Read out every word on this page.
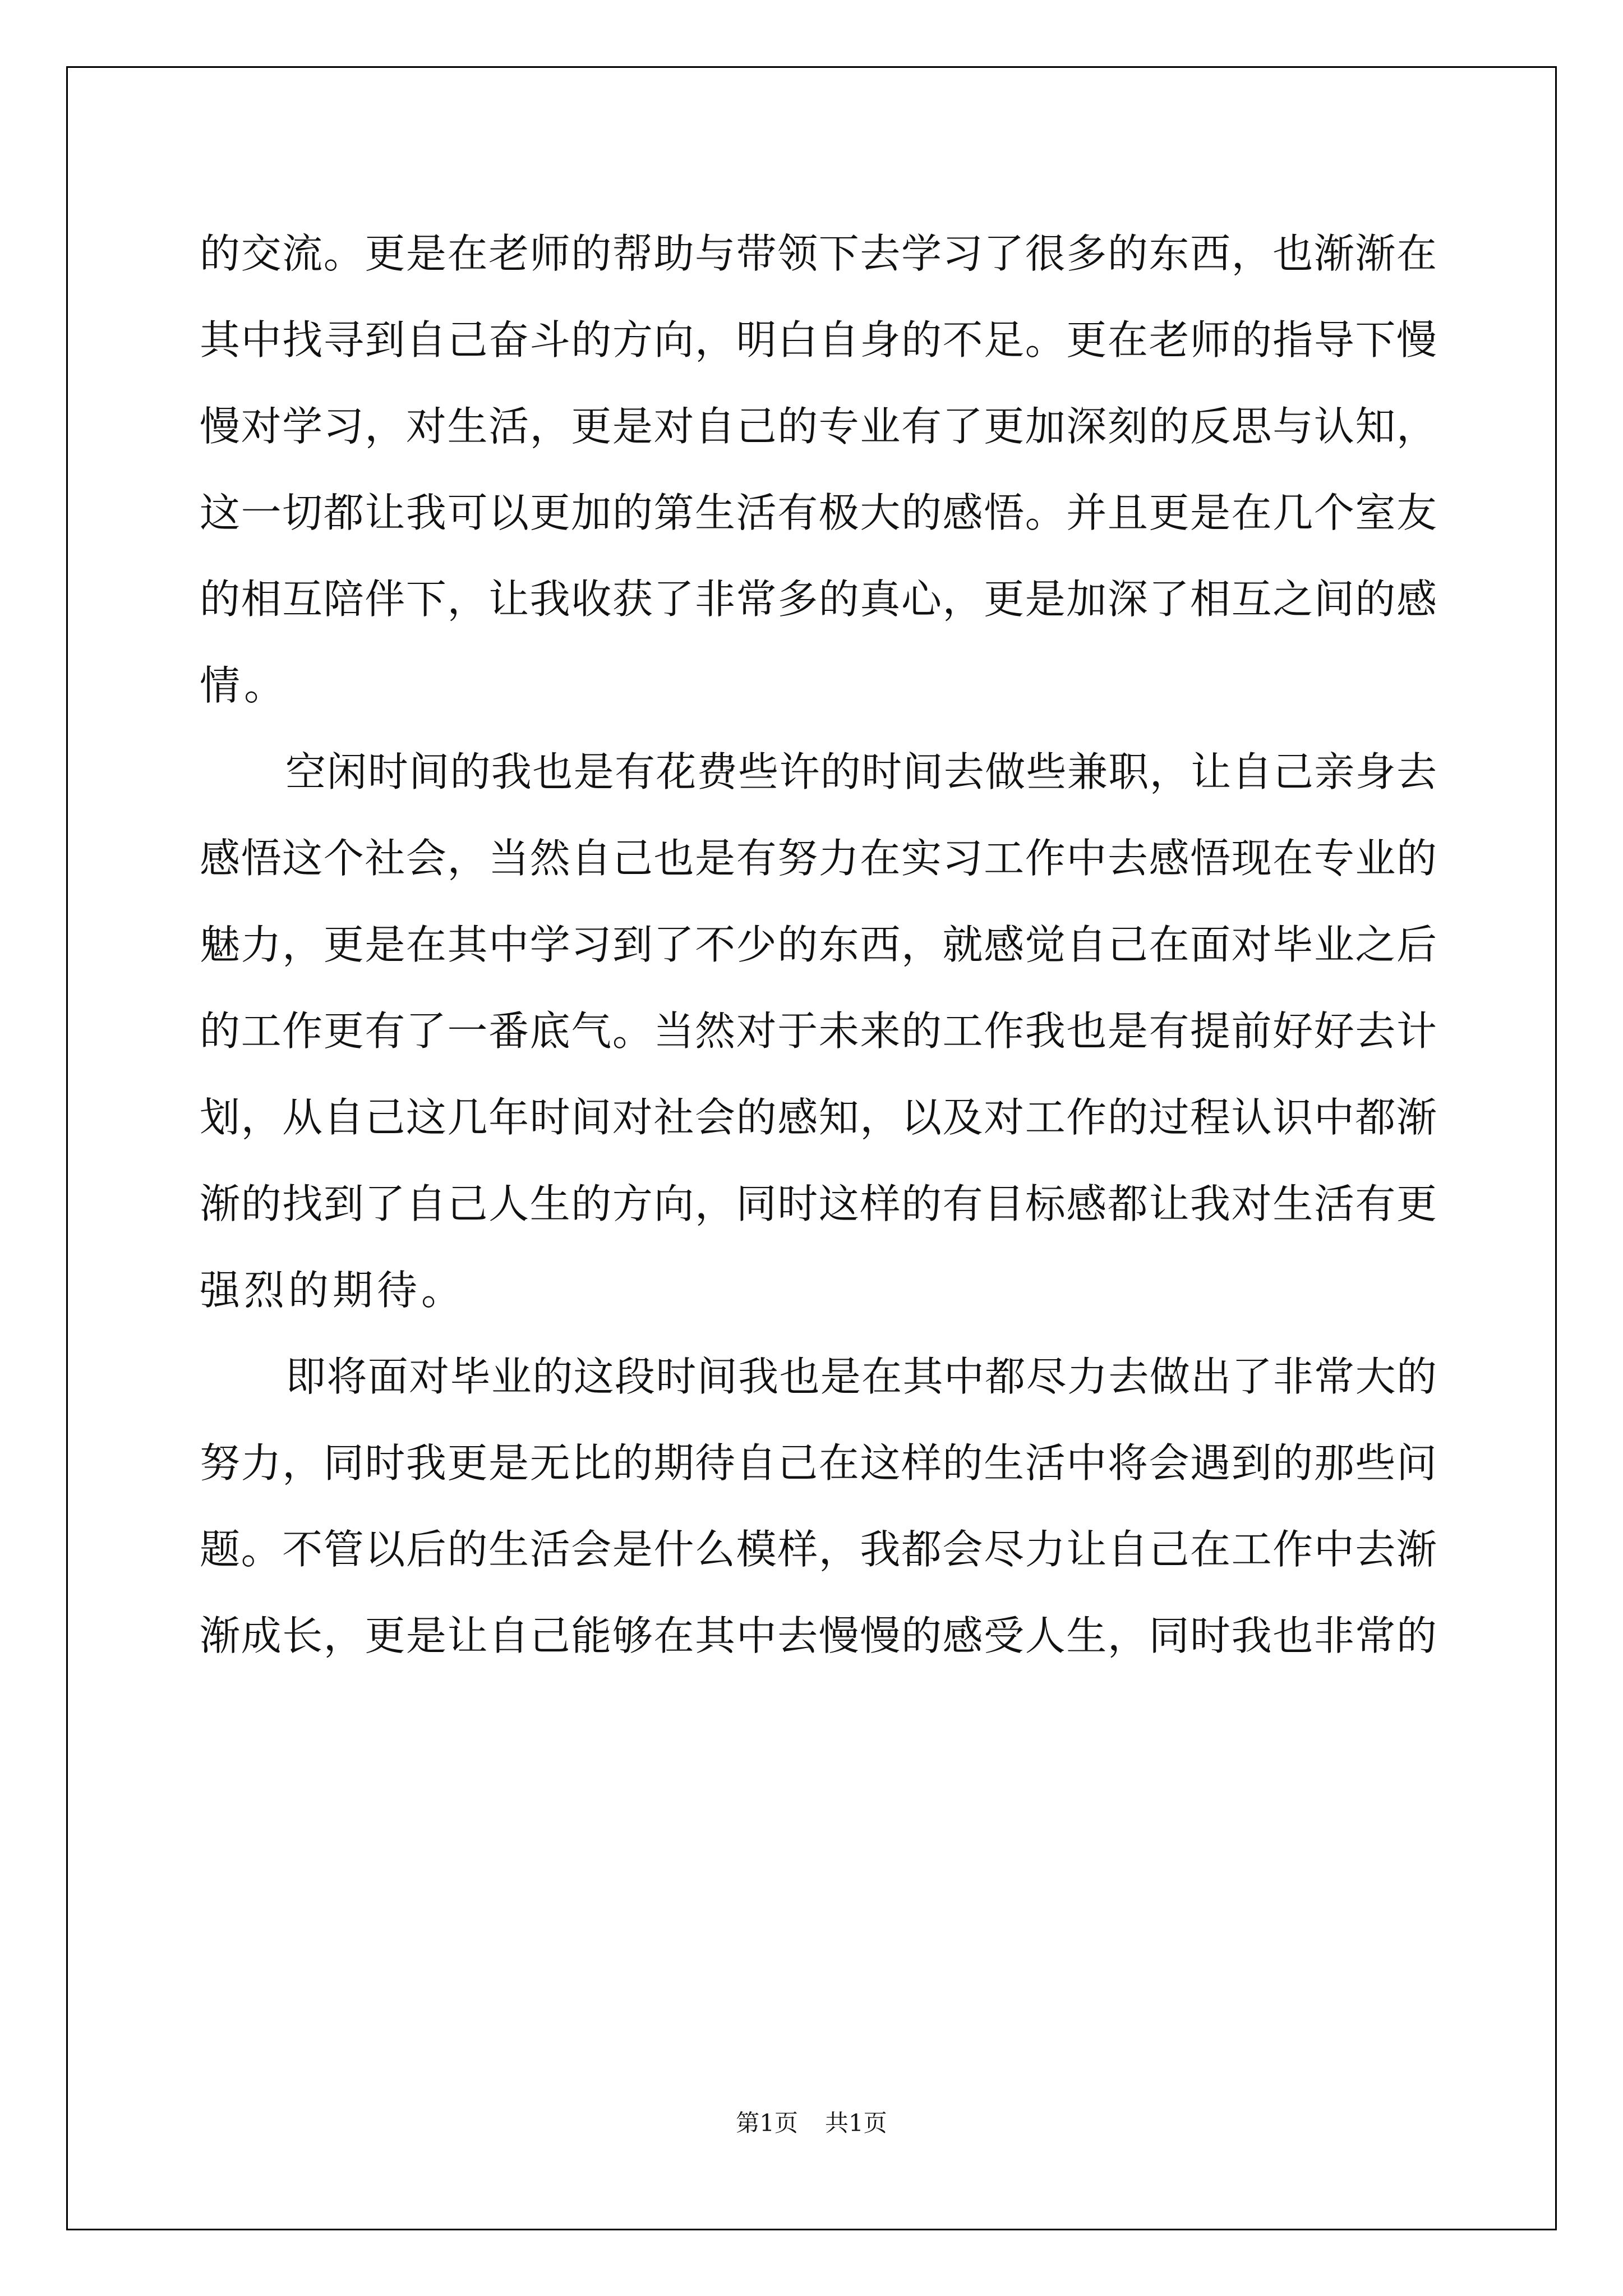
的交流。更是在老师的帮助与带领下去学习了很多的东西，也渐渐在
其中找寻到自己奋斗的方向，明白自身的不足。更在老师的指导下慢
慢对学习，对生活，更是对自己的专业有了更加深刻的反思与认知，
这一切都让我可以更加的第生活有极大的感悟。并且更是在几个室友
的相互陪伴下，让我收获了非常多的真心，更是加深了相互之间的感
情。
空闲时间的我也是有花费些许的时间去做些兼职，让自己亲身去
感悟这个社会，当然自己也是有努力在实习工作中去感悟现在专业的
魅力，更是在其中学习到了不少的东西，就感觉自己在面对毕业之后
的工作更有了一番底气。当然对于未来的工作我也是有提前好好去计
划，从自己这几年时间对社会的感知，以及对工作的过程认识中都渐
渐的找到了自己人生的方向，同时这样的有目标感都让我对生活有更
强烈的期待。
即将面对毕业的这段时间我也是在其中都尽力去做出了非常大的
努力，同时我更是无比的期待自己在这样的生活中将会遇到的那些问
题。不管以后的生活会是什么模样，我都会尽力让自己在工作中去渐
渐成长，更是让自己能够在其中去慢慢的感受人生，同时我也非常的
第1页 共1页
